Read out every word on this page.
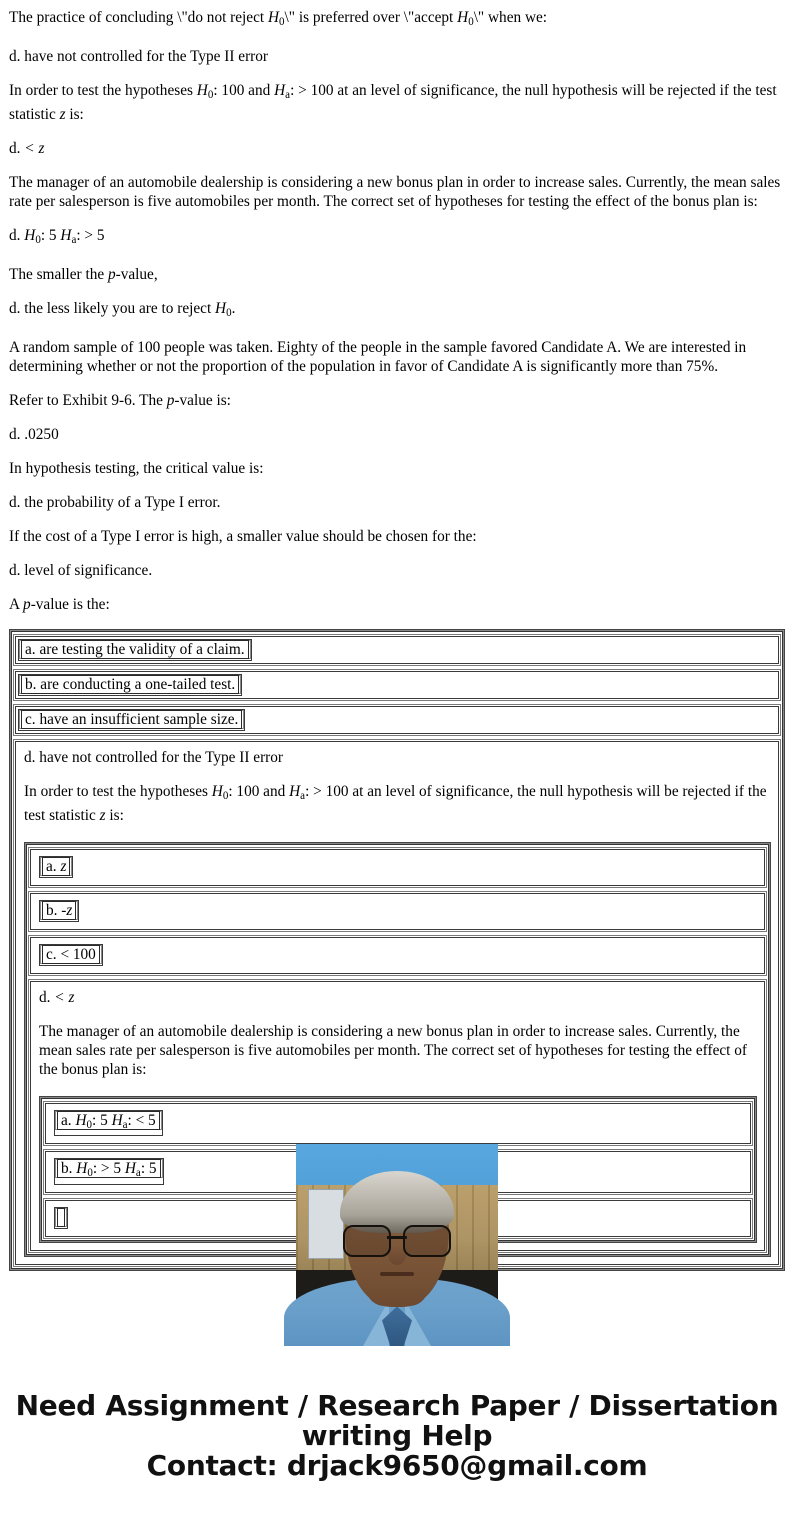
The practice of concluding \"do not reject $H_0\backslash$" is preferred over \"accept $H_0\backslash$" when we:

d. have not controlled for the Type II error

In order to test the hypotheses $H_0$: 100 and $H_a$: > 100 at an level of significance, the null hypothesis will be rejected if the test statistic z is:

d. < z

The manager of an automobile dealership is considering a new bonus plan in order to increase sales. Currently, the mean sales rate per salesperson is five automobiles per month. The correct set of hypotheses for testing the effect of the bonus plan is:

d. $H_0$: 5 $H_a$: > 5

The smaller the p-value,

d. the less likely you are to reject $H_0$.

A random sample of 100 people was taken. Eighty of the people in the sample favored Candidate A. We are interested in determining whether or not the proportion of the population in favor of Candidate A is significantly more than 75%.

Refer to Exhibit 9-6. The p-value is:

d. .0250

In hypothesis testing, the critical value is:

d. the probability of a Type I error.

If the cost of a Type I error is high, a smaller value should be chosen for the:

d. level of significance.

A p-value is the:

a. are testing the validity of a claim.
b. are conducting a one-tailed test.
c. have an insufficient sample size.

d. have not controlled for the Type II error

In order to test the hypotheses $H_0$: 100 and $H_a$: > 100 at an level of significance, the null hypothesis will be rejected if the test statistic z is:

a. z
b. -z
c. < 100

d. < z

The manager of an automobile dealership is considering a new bonus plan in order to increase sales. Currently, the mean sales rate per salesperson is five automobiles per month. The correct set of hypotheses for testing the effect of the bonus plan is:

a. $H_0$: 5 $H_a$: < 5
b. $H_0$: > 5 $H_a$: 5
Need Assignment / Research Paper / Dissertation
writing Help
Contact: drjack9650@gmail.com
